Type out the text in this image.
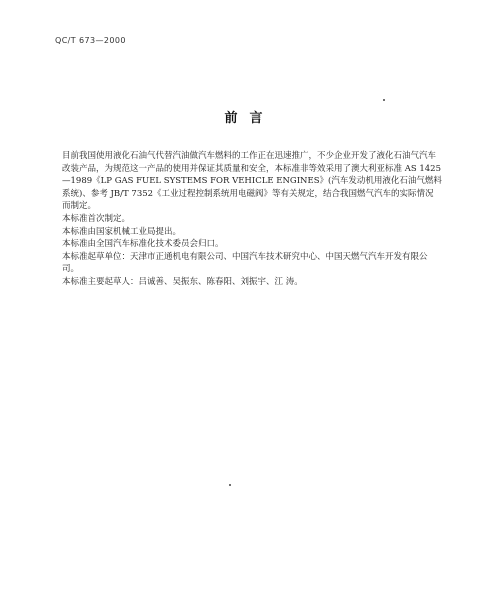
QC/T 673—2000
前言

目前我国使用液化石油气代替汽油做汽车燃料的工作正在迅速推广，不少企业开发了液化石油气汽车改装产品，为规范这一产品的使用并保证其质量和安全，本标准非等效采用了澳大利亚标准 AS 1425—1989《LP GAS FUEL SYSTEMS FOR VEHICLE ENGINES》(汽车发动机用液化石油气燃料系统)、参考 JB/T 7352《工业过程控制系统用电磁阀》等有关规定，结合我国燃气汽车的实际情况而制定。

本标准首次制定。

本标准由国家机械工业局提出。

本标准由全国汽车标准化技术委员会归口。

本标准起草单位：天津市正通机电有限公司、中国汽车技术研究中心、中国天燃气汽车开发有限公司。

本标准主要起草人：吕诚善、吴振东、陈春阳、刘振宇、江 涛。
